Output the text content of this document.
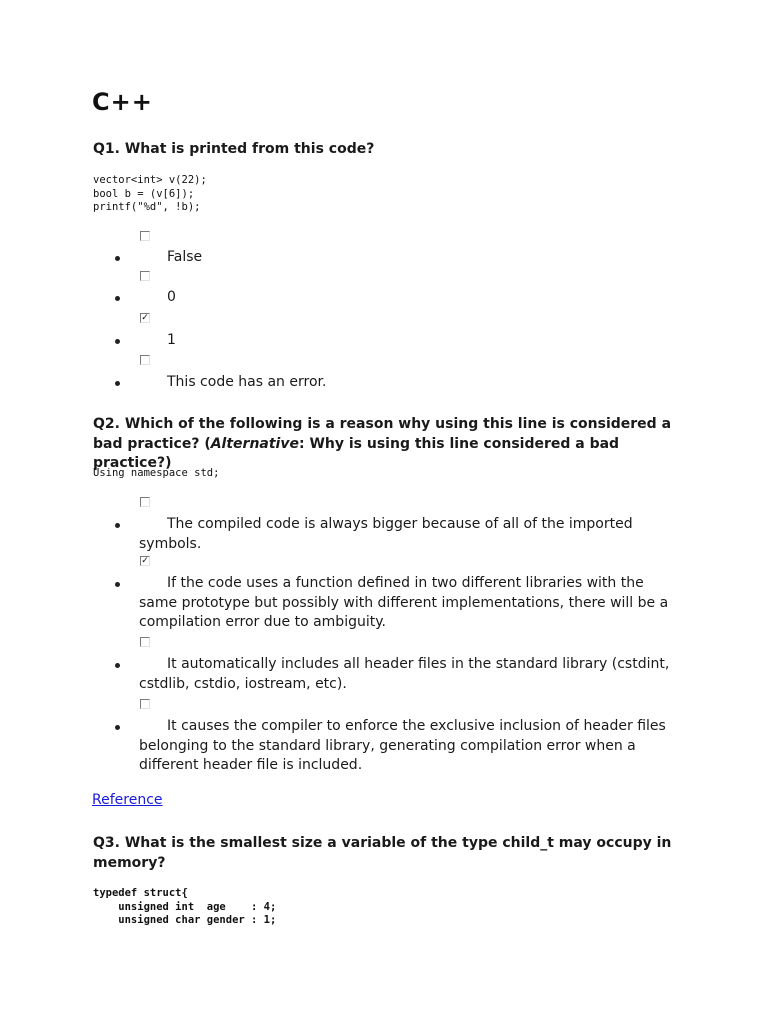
C++
Q1. What is printed from this code?
vector<int> v(22);
bool b = (v[6]);
printf("%d", !b);
False
0
✓
1
This code has an error.
Q2. Which of the following is a reason why using this line is considered a bad practice? (Alternative: Why is using this line considered a bad practice?)
Using namespace std;
The compiled code is always bigger because of all of the imported symbols.
✓
If the code uses a function defined in two different libraries with the same prototype but possibly with different implementations, there will be a compilation error due to ambiguity.
It automatically includes all header files in the standard library (cstdint, cstdlib, cstdio, iostream, etc).
It causes the compiler to enforce the exclusive inclusion of header files belonging to the standard library, generating compilation error when a different header file is included.
Reference
Q3. What is the smallest size a variable of the type child_t may occupy in memory?
typedef struct{
unsigned int  age    : 4;
unsigned char gender : 1;
